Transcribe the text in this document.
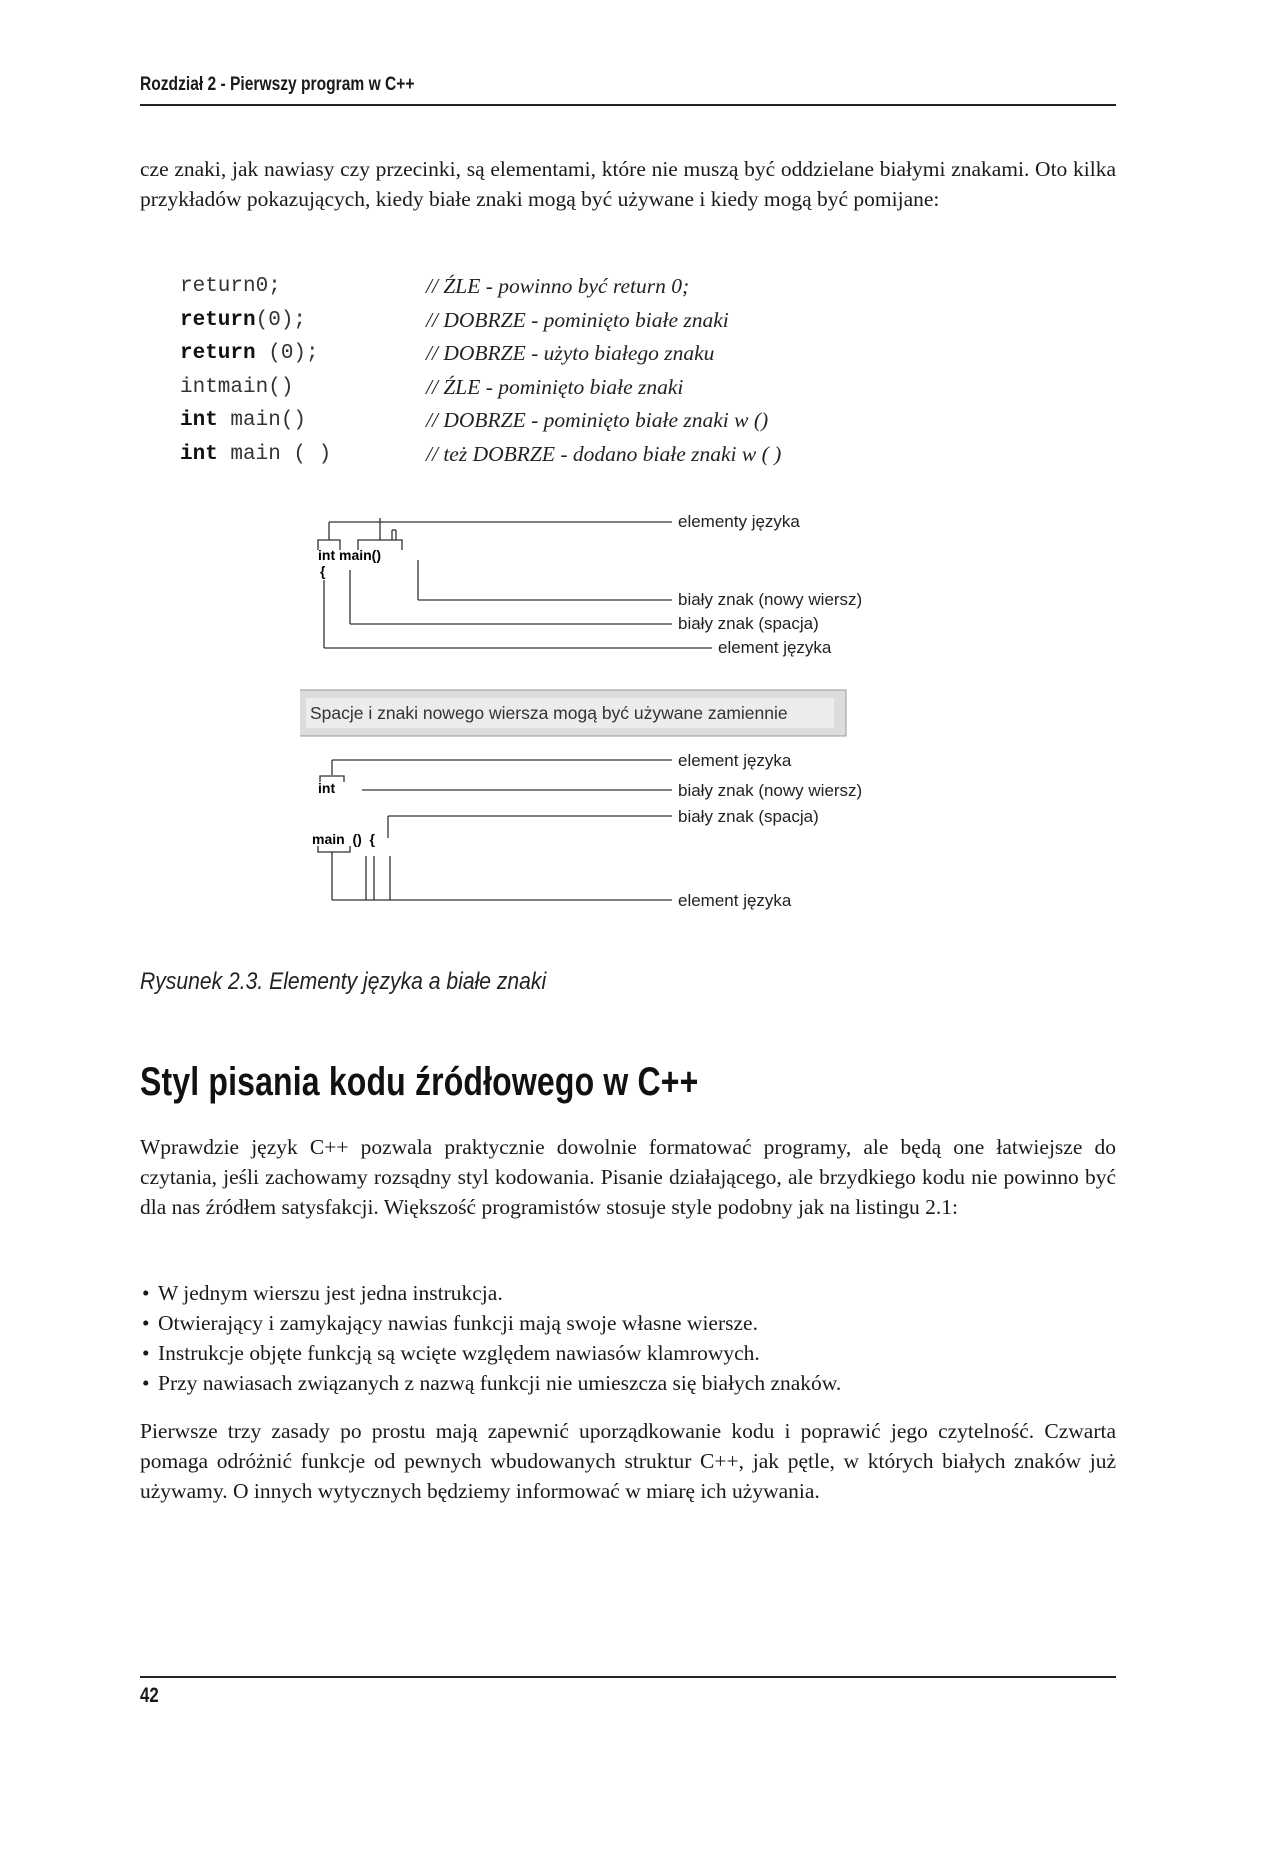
Rozdział 2 - Pierwszy program w C++
cze znaki, jak nawiasy czy przecinki, są elementami, które nie muszą być oddzielane białymi znakami. Oto kilka przykładów pokazujących, kiedy białe znaki mogą być używane i kiedy mogą być pomijane:
return0;	// ŹLE - powinno być return 0;
return(0);	// DOBRZE - pominięto białe znaki
return (0);	// DOBRZE - użyto białego znaku
intmain()	// ŹLE - pominięto białe znaki
int main()	// DOBRZE - pominięto białe znaki w ()
int main ( )	// też DOBRZE - dodano białe znaki w ( )
int main()
{
elementy języka
biały znak (nowy wiersz)
biały znak (spacja)
element języka
Spacje i znaki nowego wiersza mogą być używane zamiennie
int
main  ()  {
element języka
biały znak (nowy wiersz)
biały znak (spacja)
element języka
Rysunek 2.3. Elementy języka a białe znaki
Styl pisania kodu źródłowego w C++
Wprawdzie język C++ pozwala praktycznie dowolnie formatować programy, ale będą one łatwiejsze do czytania, jeśli zachowamy rozsądny styl kodowania. Pisanie działającego, ale brzydkiego kodu nie powinno być dla nas źródłem satysfakcji. Większość programistów stosuje style podobny jak na listingu 2.1:
• W jednym wierszu jest jedna instrukcja.
• Otwierający i zamykający nawias funkcji mają swoje własne wiersze.
• Instrukcje objęte funkcją są wcięte względem nawiasów klamrowych.
• Przy nawiasach związanych z nazwą funkcji nie umieszcza się białych znaków.
Pierwsze trzy zasady po prostu mają zapewnić uporządkowanie kodu i poprawić jego czytelność. Czwarta pomaga odróżnić funkcje od pewnych wbudowanych struktur C++, jak pętle, w których białych znaków już używamy. O innych wytycznych będziemy informować w miarę ich używania.
42
